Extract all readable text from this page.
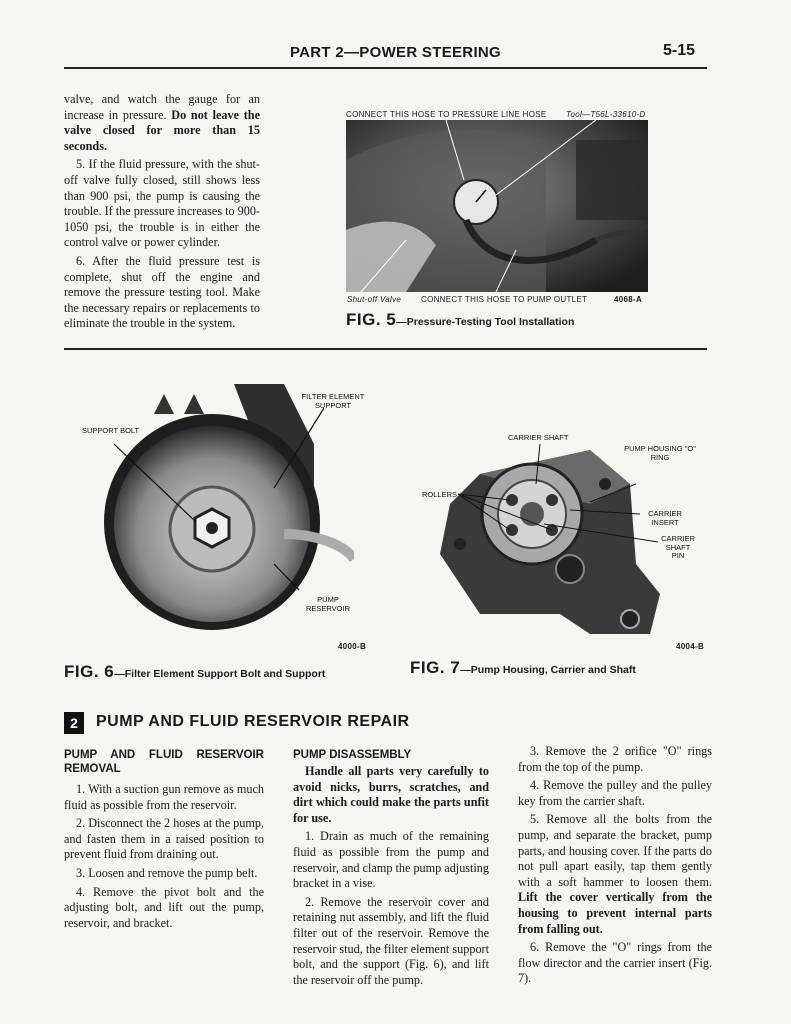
PART 2—POWER STEERING	5-15

valve, and watch the gauge for an increase in pressure. Do not leave the valve closed for more than 15 seconds.

5. If the fluid pressure, with the shut-off valve fully closed, still shows less than 900 psi, the pump is causing the trouble. If the pressure increases to 900-1050 psi, the trouble is in either the control valve or power cylinder.

6. After the fluid pressure test is complete, shut off the engine and remove the pressure testing tool. Make the necessary repairs or replacements to eliminate the trouble in the system.

CONNECT THIS HOSE TO PRESSURE LINE HOSE	Tool—T56L-33610-D
Shut-off Valve CONNECT THIS HOSE TO PUMP OUTLET	4068-A
FIG. 5—Pressure-Testing Tool Installation
SUPPORT BOLT
FILTER ELEMENT SUPPORT
PUMP RESERVOIR
4000-B
FIG. 6—Filter Element Support Bolt and Support
CARRIER SHAFT
PUMP HOUSING "O" RING
ROLLERS
CARRIER INSERT
CARRIER SHAFT PIN
4004-B
FIG. 7—Pump Housing, Carrier and Shaft
2	PUMP AND FLUID RESERVOIR REPAIR
PUMP AND FLUID RESERVOIR REMOVAL

1. With a suction gun remove as much fluid as possible from the reservoir.

2. Disconnect the 2 hoses at the pump, and fasten them in a raised position to prevent fluid from draining out.

3. Loosen and remove the pump belt.

4. Remove the pivot bolt and the adjusting bolt, and lift out the pump, reservoir, and bracket.

PUMP DISASSEMBLY

Handle all parts very carefully to avoid nicks, burrs, scratches, and dirt which could make the parts unfit for use.

1. Drain as much of the remaining fluid as possible from the pump and reservoir, and clamp the pump adjusting bracket in a vise.

2. Remove the reservoir cover and retaining nut assembly, and lift the fluid filter out of the reservoir. Remove the reservoir stud, the filter element support bolt, and the support (Fig. 6), and lift the reservoir off the pump.

3. Remove the 2 orifice "O" rings from the top of the pump.

4. Remove the pulley and the pulley key from the carrier shaft.

5. Remove all the bolts from the pump, and separate the bracket, pump parts, and housing cover. If the parts do not pull apart easily, tap them gently with a soft hammer to loosen them. Lift the cover vertically from the housing to prevent internal parts from falling out.

6. Remove the "O" rings from the flow director and the carrier insert (Fig. 7).
